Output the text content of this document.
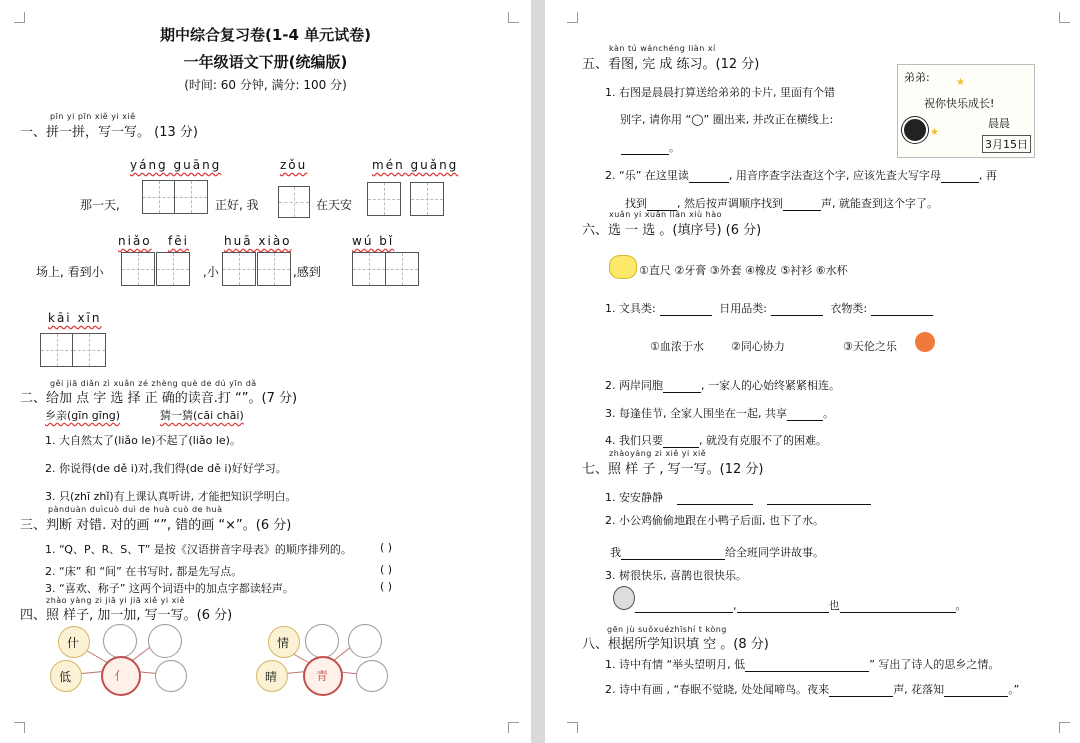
期中综合复习卷(1-4 单元试卷)
一年级语文下册(统编版)
(时间: 60 分钟, 满分: 100 分)
pīn yi pīn xiě yi xiě
一、拼一拼，写一写。 (13 分)
yáng guāng	zǒu	mén guǎng
那一天,	正好, 我	在天安
niǎo fēi	huā xiào	wú bǐ
场上, 看到小	,小	,感到
kāi xīn
gěi jiā diǎn zì xuǎn zé zhèng què de dú yīn dǎ
二、给加 点 字 选 择 正 确的读音.打 “”。(7 分)
乡亲(gīn gīng)	猜一猜(cāi chāi)
1. 大自然太了(liǎo le)不起了(liǎo le)。
2. 你说得(de dě i)对,我们得(de dě i)好好学习。
3. 只(zhī zhǐ)有上课认真听讲, 才能把知识学明白。
pànduàn duìcuò duì de huà cuò de huà
三、判断 对错. 对的画 “”, 错的画 “×”。(6 分)
1. “Q、P、R、S、T” 是按《汉语拼音字母表》的顺序排列的。	( )
2. “床” 和 “间” 在书写时, 都是先写点。	( )
3. “喜欢、称子” 这两个词语中的加点字都读轻声。	( )
zhào yàng zi jiā yi jiā xiě yi xiě
四、照 样子, 加一加, 写一写。(6 分)
什
低	亻
情
晴	青
kàn tú wánchéng liàn xí
五、看图, 完 成 练习。(12 分)
1. 右图是晨晨打算送给弟弟的卡片, 里面有个错
别字, 请你用 “◯” 圈出来, 并改正在横线上:
。
弟弟:
祝你快乐成长!
晨晨
3月15日
★
★
2. “乐” 在这里读	, 用音序查字法查这个字, 应该先查大写字母	, 再
找到	, 然后按声调顺序找到	声, 就能查到这个字了。
xuǎn yi xuǎn lián xiù hào
六、选 一 选 。(填序号) (6 分)
①直尺 ②牙膏 ③外套 ④橡皮 ⑤衬衫 ⑥水杯
1. 文具类:	日用品类:	衣物类:
①血浓于水 ②同心协力	③天伦之乐
2. 两岸同胞	, 一家人的心始终紧紧相连。
3. 每逢佳节, 全家人围坐在一起, 共享	。
4. 我们只要	, 就没有克服不了的困难。
zhàoyàng zi xiě yi xiě
七、照 样 子 , 写一写。(12 分)
1. 安安静静
2. 小公鸡偷偷地跟在小鸭子后面, 也下了水。
我	给全班同学讲故事。
3. 树很快乐, 喜鹊也很快乐。
,	也	。
gēn jù suǒxuézhīshí t kòng
八、根据所学知识填 空 。(8 分)
1. 诗中有情 “举头望明月, 低	” 写出了诗人的思乡之情。
2. 诗中有画 , “春眠不觉晓, 处处闻啼鸟。夜来	声, 花落知	。”
